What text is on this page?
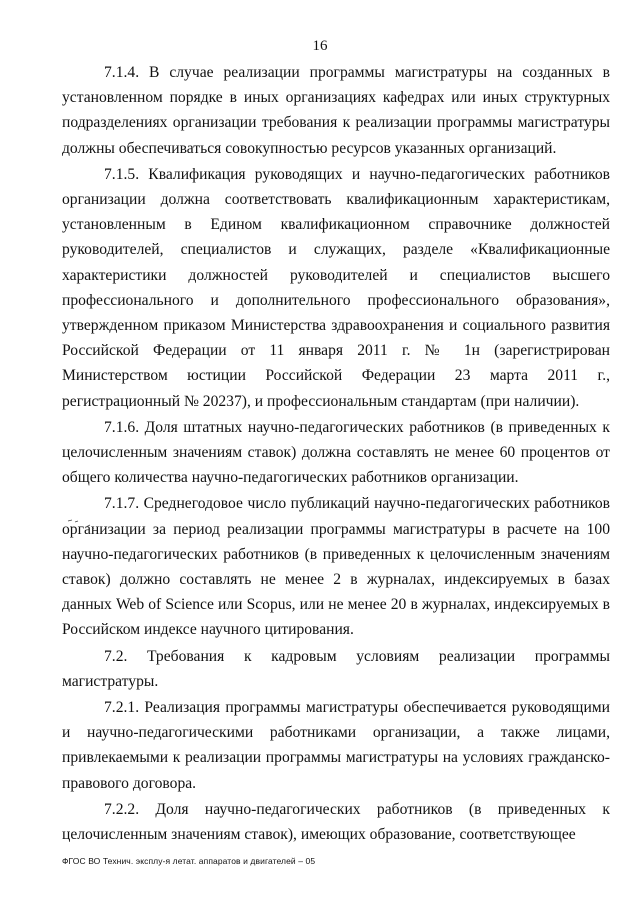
16

7.1.4. В случае реализации программы магистратуры на созданных в установленном порядке в иных организациях кафедрах или иных структурных подразделениях организации требования к реализации программы магистратуры должны обеспечиваться совокупностью ресурсов указанных организаций.

7.1.5. Квалификация руководящих и научно-педагогических работников организации должна соответствовать квалификационным характеристикам, установленным в Едином квалификационном справочнике должностей руководителей, специалистов и служащих, разделе «Квалификационные характеристики должностей руководителей и специалистов высшего профессионального и дополнительного профессионального образования», утвержденном приказом Министерства здравоохранения и социального развития Российской Федерации от 11 января 2011 г. № 1н (зарегистрирован Министерством юстиции Российской Федерации 23 марта 2011 г., регистрационный № 20237), и профессиональным стандартам (при наличии).

7.1.6. Доля штатных научно-педагогических работников (в приведенных к целочисленным значениям ставок) должна составлять не менее 60 процентов от общего количества научно-педагогических работников организации.

7.1.7. Среднегодовое число публикаций научно-педагогических работников организации за период реализации программы магистратуры в расчете на 100 научно-педагогических работников (в приведенных к целочисленным значениям ставок) должно составлять не менее 2 в журналах, индексируемых в базах данных Web of Science или Scopus, или не менее 20 в журналах, индексируемых в Российском индексе научного цитирования.

7.2. Требования к кадровым условиям реализации программы магистратуры.

7.2.1. Реализация программы магистратуры обеспечивается руководящими и научно-педагогическими работниками организации, а также лицами, привлекаемыми к реализации программы магистратуры на условиях гражданско-правового договора.

7.2.2. Доля научно-педагогических работников (в приведенных к целочисленным значениям ставок), имеющих образование, соответствующее

ФГОС ВО Технич. эксплу-я летат. аппаратов и двигателей – 05
